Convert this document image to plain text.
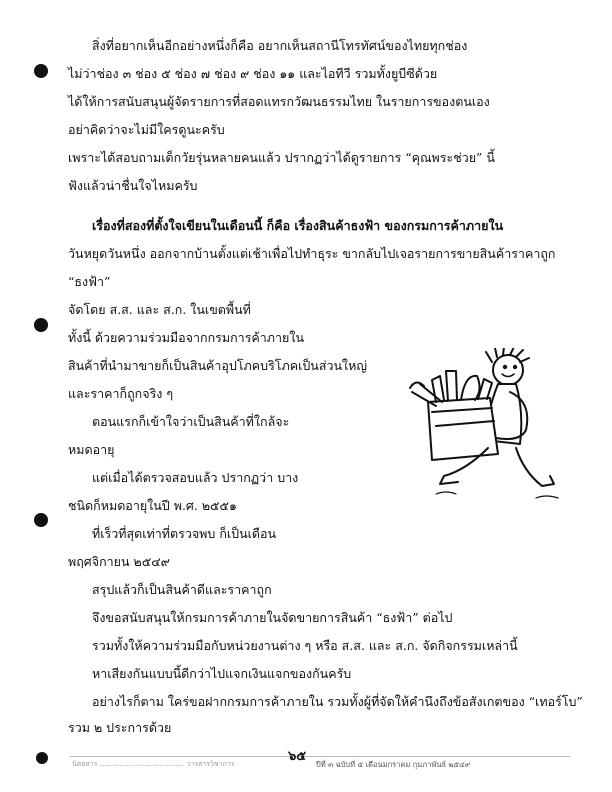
สิ่งที่อยากเห็นอีกอย่างหนึ่งก็คือ อยากเห็นสถานีโทรทัศน์ของไทยทุกช่อง
ไม่ว่าช่อง ๓ ช่อง ๕ ช่อง ๗ ช่อง ๙ ช่อง ๑๑ และไอทีวี รวมทั้งยูบีซีด้วย
ได้ให้การสนับสนุนผู้จัดรายการที่สอดแทรกวัฒนธรรมไทย ในรายการของตนเอง
อย่าคิดว่าจะไม่มีใครดูนะครับ
เพราะได้สอบถามเด็กวัยรุ่นหลายคนแล้ว ปรากฏว่าได้ดูรายการ “คุณพระช่วย” นี้
ฟังแล้วน่าชื่นใจไหมครับ
เรื่องที่สองที่ตั้งใจเขียนในเดือนนี้ ก็คือ เรื่องสินค้าธงฟ้า ของกรมการค้าภายใน
วันหยุดวันหนึ่ง ออกจากบ้านตั้งแต่เช้าเพื่อไปทำธุระ ขากลับไปเจอรายการขายสินค้าราคาถูก
“ธงฟ้า”
จัดโดย ส.ส. และ ส.ก. ในเขตพื้นที่
ทั้งนี้ ด้วยความร่วมมือจากกรมการค้าภายใน
สินค้าที่นำมาขายก็เป็นสินค้าอุปโภคบริโภคเป็นส่วนใหญ่
และราคาก็ถูกจริง ๆ
ตอนแรกก็เข้าใจว่าเป็นสินค้าที่ใกล้จะ
หมดอายุ
แต่เมื่อได้ตรวจสอบแล้ว ปรากฏว่า บาง
ชนิดก็หมดอายุในปี พ.ศ. ๒๕๕๑
ที่เร็วที่สุดเท่าที่ตรวจพบ ก็เป็นเดือน
พฤศจิกายน ๒๕๔๙
สรุปแล้วก็เป็นสินค้าดีและราคาถูก
จึงขอสนับสนุนให้กรมการค้าภายในจัดขายการสินค้า “ธงฟ้า” ต่อไป
รวมทั้งให้ความร่วมมือกับหน่วยงานต่าง ๆ หรือ ส.ส. และ ส.ก. จัดกิจกรรมเหล่านี้
หาเสียงกันแบบนี้ดีกว่าไปแจกเงินแจกของกันครับ
อย่างไรก็ตาม ใคร่ขอฝากกรมการค้าภายใน รวมทั้งผู้ที่จัดให้คำนึงถึงข้อสังเกตของ “เทอร์โบ”
รวม ๒ ประการด้วย
๖๕
นิตยสาร ...................................... วารสารวิชาการ	ปีที่ ๓ ฉบับที่ ๕ เดือนมกราคม กุมภาพันธ์ ๒๕๔๙
